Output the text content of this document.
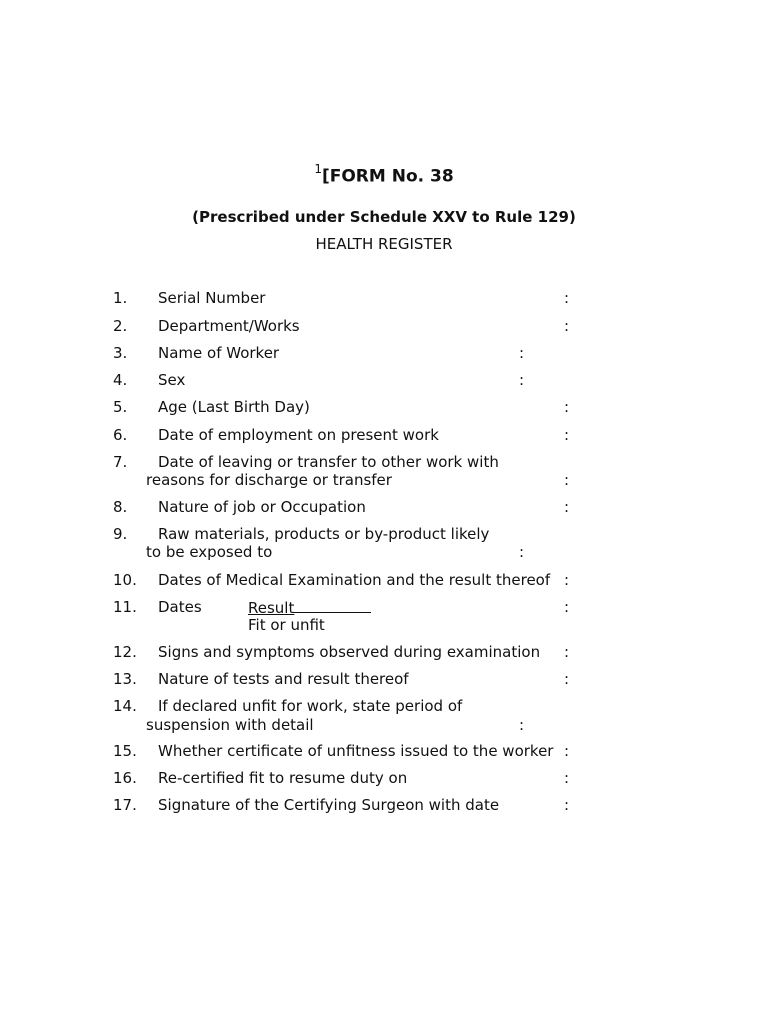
$^1$[FORM No. 38
(Prescribed under Schedule XXV to Rule 129)
HEALTH REGISTER
1. Serial Number	:
2. Department/Works	:
3. Name of Worker	:
4. Sex	:
5. Age (Last Birth Day)	:
6. Date of employment on present work	:
7. Date of leaving or transfer to other work with
reasons for discharge or transfer	:
8. Nature of job or Occupation	:
9. Raw materials, products or by-product likely
to be exposed to	:
10. Dates of Medical Examination and the result thereof :
11. Dates	Result	:
Fit or unfit
12. Signs and symptoms observed during examination :
13. Nature of tests and result thereof	:
14. If declared unfit for work, state period of
suspension with detail	:
15. Whether certificate of unfitness issued to the worker :
16. Re-certified fit to resume duty on	:
17. Signature of the Certifying Surgeon with date	:
